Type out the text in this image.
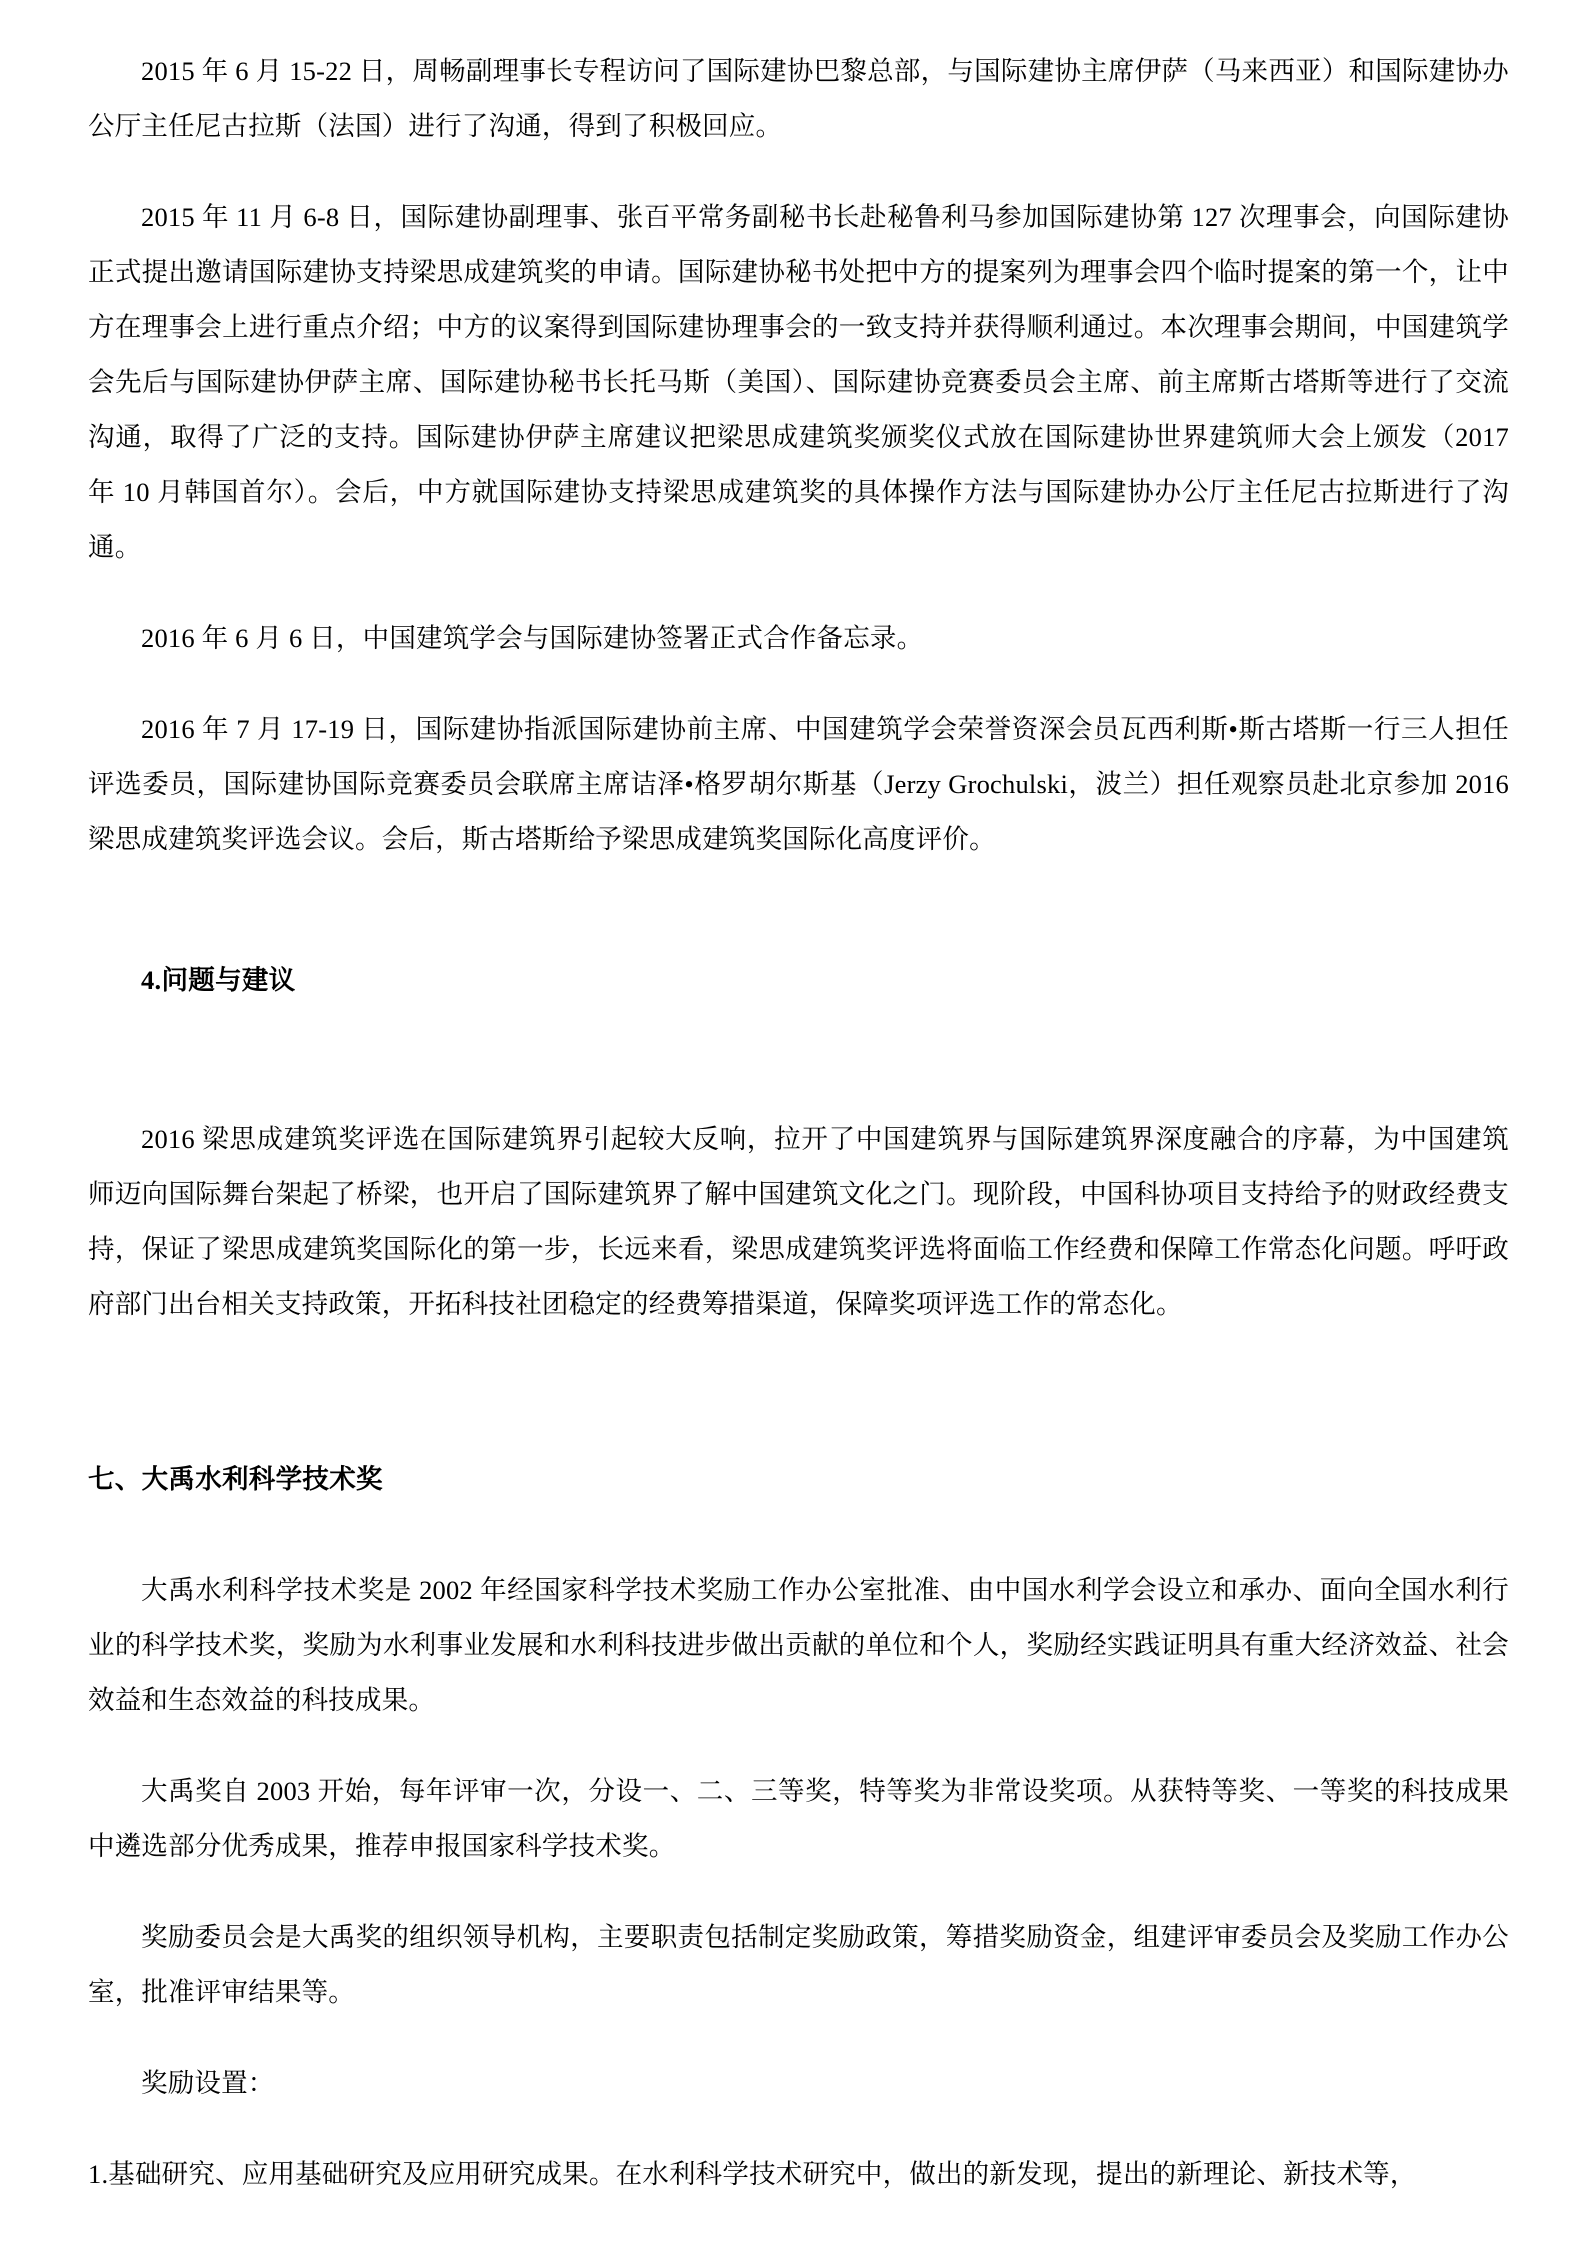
2015 年 6 月 15-22 日，周畅副理事长专程访问了国际建协巴黎总部，与国际建协主席伊萨（马来西亚）和国际建协办公厅主任尼古拉斯（法国）进行了沟通，得到了积极回应。

2015 年 11 月 6-8 日，国际建协副理事、张百平常务副秘书长赴秘鲁利马参加国际建协第 127 次理事会，向国际建协正式提出邀请国际建协支持梁思成建筑奖的申请。国际建协秘书处把中方的提案列为理事会四个临时提案的第一个，让中方在理事会上进行重点介绍；中方的议案得到国际建协理事会的一致支持并获得顺利通过。本次理事会期间，中国建筑学会先后与国际建协伊萨主席、国际建协秘书长托马斯（美国）、国际建协竞赛委员会主席、前主席斯古塔斯等进行了交流沟通，取得了广泛的支持。国际建协伊萨主席建议把梁思成建筑奖颁奖仪式放在国际建协世界建筑师大会上颁发（2017 年 10 月韩国首尔）。会后，中方就国际建协支持梁思成建筑奖的具体操作方法与国际建协办公厅主任尼古拉斯进行了沟通。

2016 年 6 月 6 日，中国建筑学会与国际建协签署正式合作备忘录。

2016 年 7 月 17-19 日，国际建协指派国际建协前主席、中国建筑学会荣誉资深会员瓦西利斯•斯古塔斯一行三人担任评选委员，国际建协国际竞赛委员会联席主席诘泽•格罗胡尔斯基（Jerzy Grochulski，波兰）担任观察员赴北京参加 2016 梁思成建筑奖评选会议。会后，斯古塔斯给予梁思成建筑奖国际化高度评价。

4.问题与建议

2016 梁思成建筑奖评选在国际建筑界引起较大反响，拉开了中国建筑界与国际建筑界深度融合的序幕，为中国建筑师迈向国际舞台架起了桥梁，也开启了国际建筑界了解中国建筑文化之门。现阶段，中国科协项目支持给予的财政经费支持，保证了梁思成建筑奖国际化的第一步，长远来看，梁思成建筑奖评选将面临工作经费和保障工作常态化问题。呼吁政府部门出台相关支持政策，开拓科技社团稳定的经费筹措渠道，保障奖项评选工作的常态化。

七、大禹水利科学技术奖

大禹水利科学技术奖是 2002 年经国家科学技术奖励工作办公室批准、由中国水利学会设立和承办、面向全国水利行业的科学技术奖，奖励为水利事业发展和水利科技进步做出贡献的单位和个人，奖励经实践证明具有重大经济效益、社会效益和生态效益的科技成果。

大禹奖自 2003 开始，每年评审一次，分设一、二、三等奖，特等奖为非常设奖项。从获特等奖、一等奖的科技成果中遴选部分优秀成果，推荐申报国家科学技术奖。

奖励委员会是大禹奖的组织领导机构，主要职责包括制定奖励政策，筹措奖励资金，组建评审委员会及奖励工作办公室，批准评审结果等。

奖励设置：

1.基础研究、应用基础研究及应用研究成果。在水利科学技术研究中，做出的新发现，提出的新理论、新技术等，
